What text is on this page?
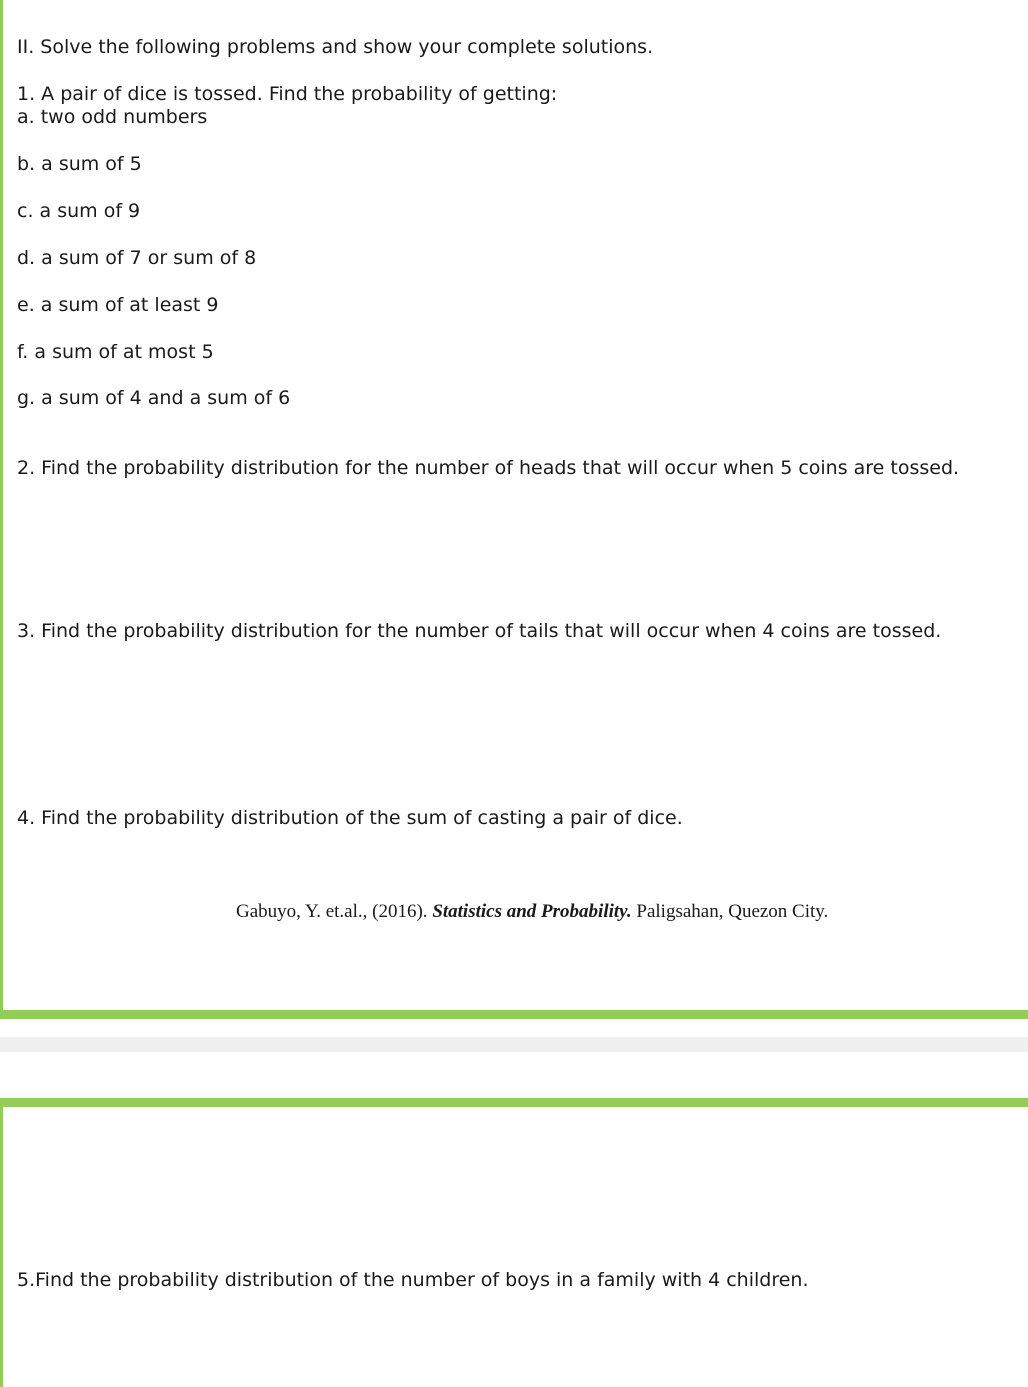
II. Solve the following problems and show your complete solutions.
1. A pair of dice is tossed. Find the probability of getting:
a. two odd numbers
b. a sum of 5
c. a sum of 9
d. a sum of 7 or sum of 8
e. a sum of at least 9
f. a sum of at most 5
g. a sum of 4 and a sum of 6
2. Find the probability distribution for the number of heads that will occur when 5 coins are tossed.
3. Find the probability distribution for the number of tails that will occur when 4 coins are tossed.
4. Find the probability distribution of the sum of casting a pair of dice.
Gabuyo, Y. et.al., (2016). Statistics and Probability. Paligsahan, Quezon City.
5.Find the probability distribution of the number of boys in a family with 4 children.
